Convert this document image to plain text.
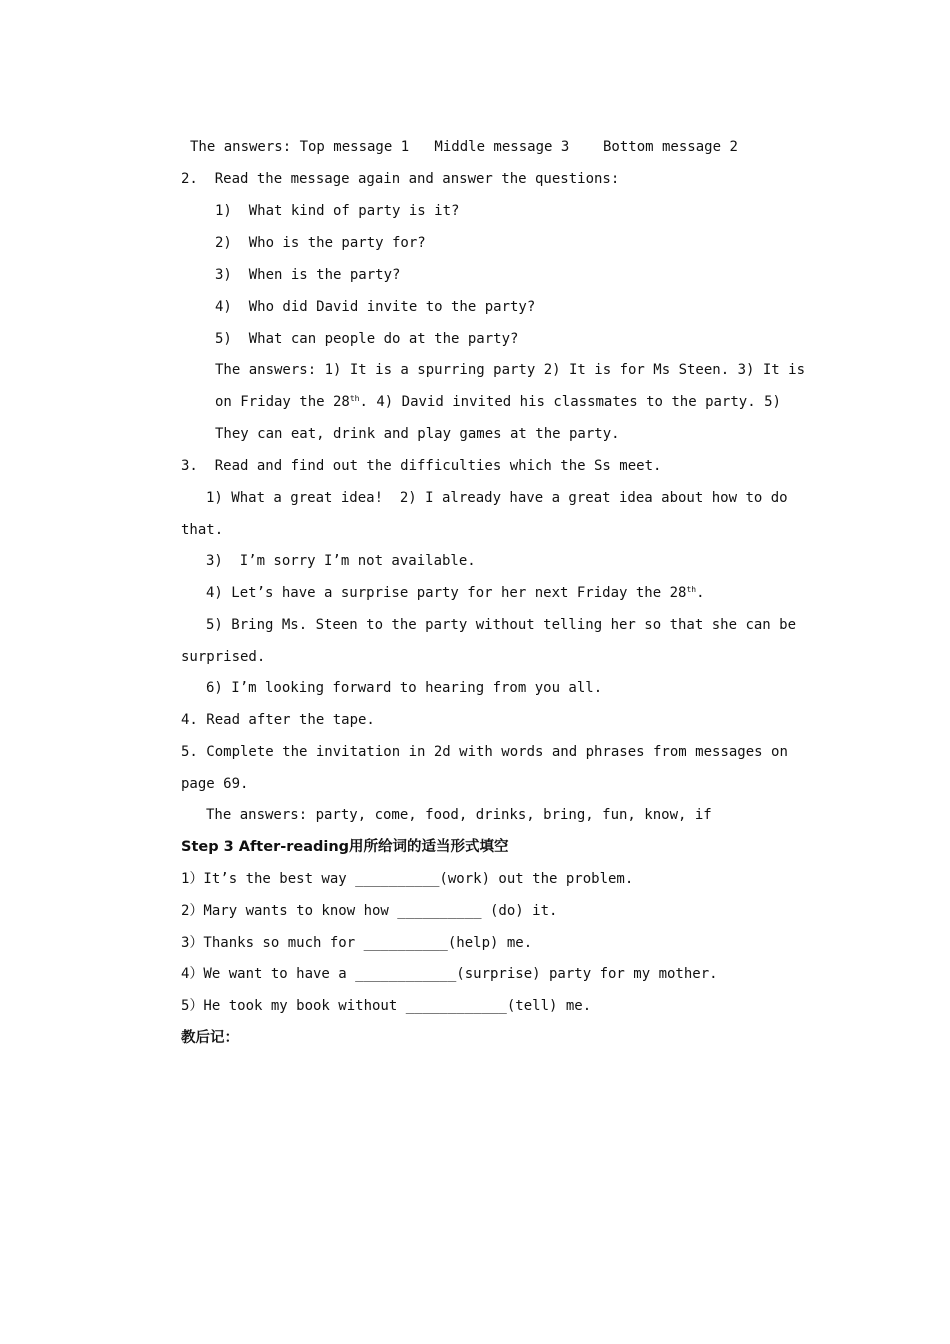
The answers: Top message 1   Middle message 3    Bottom message 2
2.  Read the message again and answer the questions:
1)  What kind of party is it?
2)  Who is the party for?
3)  When is the party?
4)  Who did David invite to the party?
5)  What can people do at the party?
The answers: 1) It is a spurring party 2) It is for Ms Steen. 3) It is
on Friday the 28th. 4) David invited his classmates to the party. 5)
They can eat, drink and play games at the party.
3.  Read and find out the difficulties which the Ss meet.
1) What a great idea!  2) I already have a great idea about how to do
that.
3)  I’m sorry I’m not available.
4) Let’s have a surprise party for her next Friday the 28th.
5) Bring Ms. Steen to the party without telling her so that she can be
surprised.
6) I’m looking forward to hearing from you all.
4. Read after the tape.
5. Complete the invitation in 2d with words and phrases from messages on
page 69.
The answers: party, come, food, drinks, bring, fun, know, if
Step 3 After-reading用所给词的适当形式填空
1）It’s the best way __________(work) out the problem.
2）Mary wants to know how __________ (do) it.
3）Thanks so much for __________(help) me.
4）We want to have a ____________(surprise) party for my mother.
5）He took my book without ____________(tell) me.
教后记：
